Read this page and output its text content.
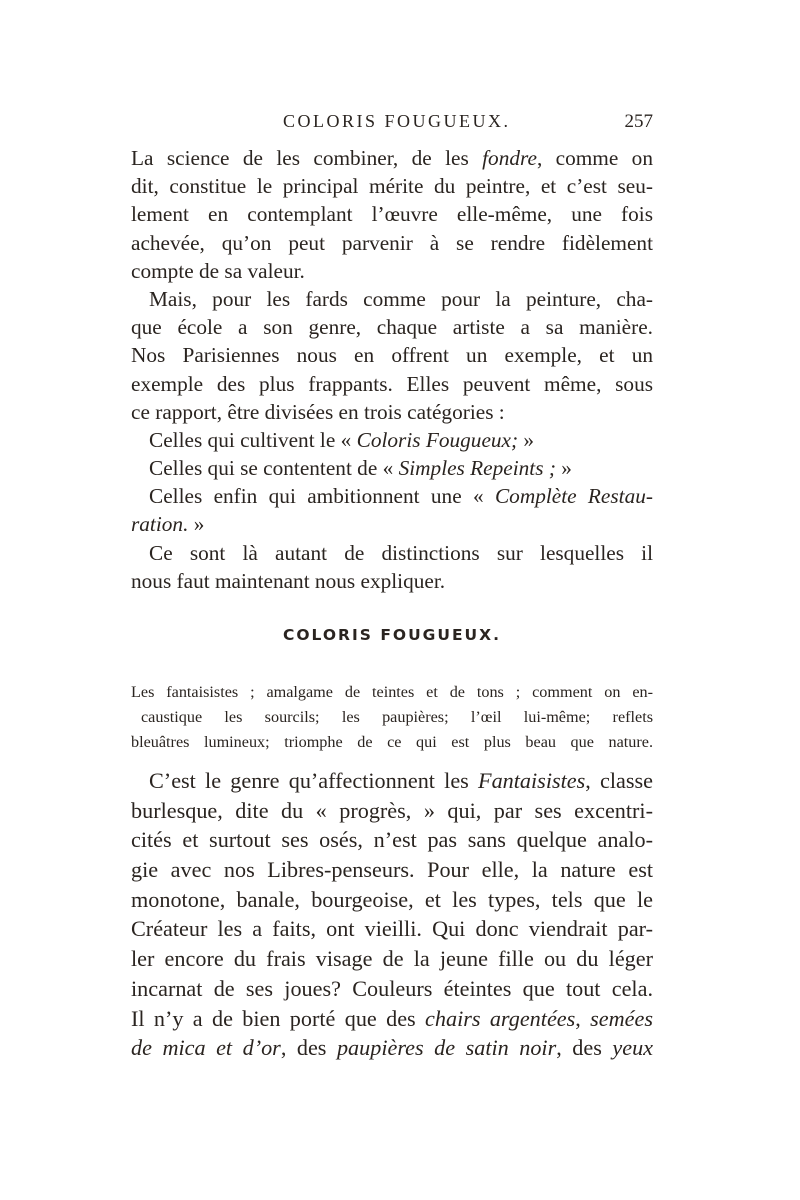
COLORIS FOUGUEUX.	257
La science de les combiner, de les fondre, comme on
dit, constitue le principal mérite du peintre, et c’est seu-
lement en contemplant l’œuvre elle-même, une fois
achevée, qu’on peut parvenir à se rendre fidèlement
compte de sa valeur.
Mais, pour les fards comme pour la peinture, cha-
que école a son genre, chaque artiste a sa manière.
Nos Parisiennes nous en offrent un exemple, et un
exemple des plus frappants. Elles peuvent même, sous
ce rapport, être divisées en trois catégories :
Celles qui cultivent le « Coloris Fougueux; »
Celles qui se contentent de « Simples Repeints ; »
Celles enfin qui ambitionnent une « Complète Restau-
ration. »
Ce sont là autant de distinctions sur lesquelles il
nous faut maintenant nous expliquer.
COLORIS FOUGUEUX.
Les fantaisistes ; amalgame de teintes et de tons ; comment on en-
caustique les sourcils; les paupières; l’œil lui-même; reflets
bleuâtres lumineux; triomphe de ce qui est plus beau que nature.
C’est le genre qu’affectionnent les Fantaisistes, classe
burlesque, dite du « progrès, » qui, par ses excentri-
cités et surtout ses osés, n’est pas sans quelque analo-
gie avec nos Libres-penseurs. Pour elle, la nature est
monotone, banale, bourgeoise, et les types, tels que le
Créateur les a faits, ont vieilli. Qui donc viendrait par-
ler encore du frais visage de la jeune fille ou du léger
incarnat de ses joues? Couleurs éteintes que tout cela.
Il n’y a de bien porté que des chairs argentées, semées
de mica et d’or, des paupières de satin noir, des yeux
